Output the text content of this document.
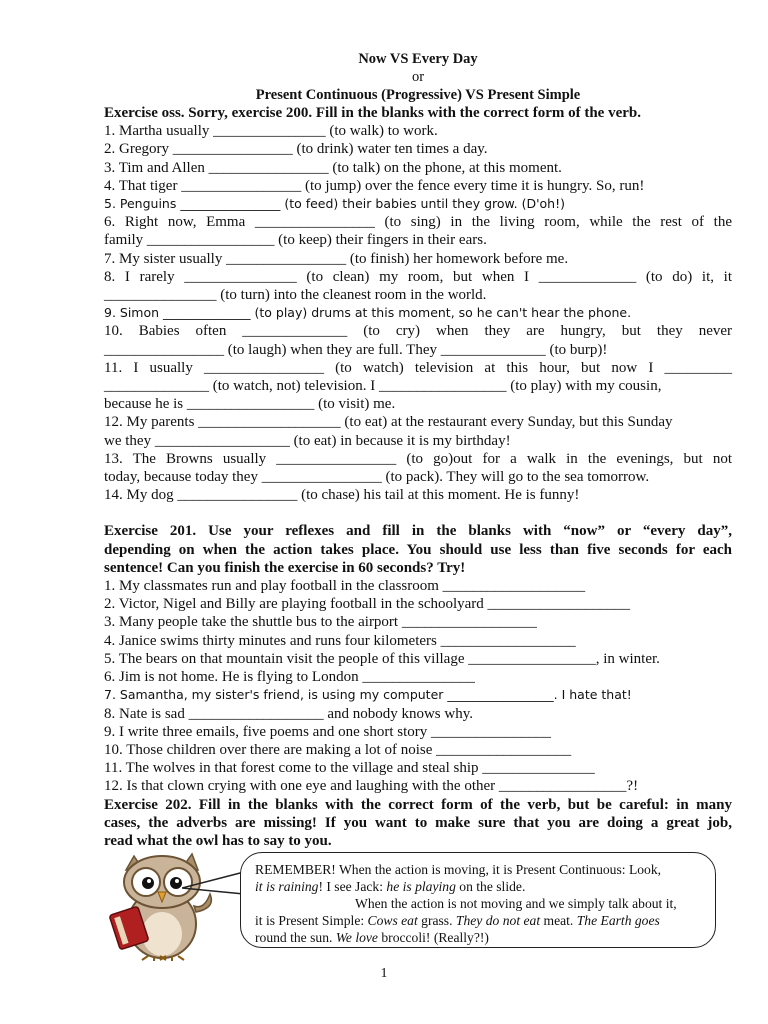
Now VS Every Day
or
Present Continuous (Progressive) VS Present Simple
Exercise oss. Sorry, exercise 200. Fill in the blanks with the correct form of the verb.
1. Martha usually _______________ (to walk) to work.
2. Gregory ________________ (to drink) water ten times a day.
3. Tim and Allen ________________ (to talk) on the phone, at this moment.
4. That tiger ________________ (to jump) over the fence every time it is hungry. So, run!
5. Penguins ________________ (to feed) their babies until they grow. (D'oh!)
6. Right now, Emma ________________ (to sing) in the living room, while the rest of the
family _________________ (to keep) their fingers in their ears.
7. My sister usually ________________ (to finish) her homework before me.
8. I rarely _______________ (to clean) my room, but when I _____________ (to do) it, it
_______________ (to turn) into the cleanest room in the world.
9. Simon ______________ (to play) drums at this moment, so he can't hear the phone.
10. Babies often ______________ (to cry) when they are hungry, but they never
________________ (to laugh) when they are full. They ______________ (to burp)!
11. I usually ________________ (to watch) television at this hour, but now I _________
______________ (to watch, not) television. I _________________ (to play) with my cousin,
because he is _________________ (to visit) me.
12. My parents ___________________ (to eat) at the restaurant every Sunday, but this Sunday
we they __________________ (to eat) in because it is my birthday!
13. The Browns usually ________________ (to go)out for a walk in the evenings, but not
today, because today they ________________ (to pack). They will go to the sea tomorrow.
14. My dog ________________ (to chase) his tail at this moment. He is funny!
Exercise 201. Use your reflexes and fill in the blanks with “now” or “every day”,
depending on when the action takes place. You should use less than five seconds for each
sentence! Can you finish the exercise in 60 seconds? Try!
1. My classmates run and play football in the classroom ___________________
2. Victor, Nigel and Billy are playing football in the schoolyard ___________________
3. Many people take the shuttle bus to the airport __________________
4. Janice swims thirty minutes and runs four kilometers __________________
5. The bears on that mountain visit the people of this village _________________, in winter.
6. Jim is not home. He is flying to London _______________
7. Samantha, my sister's friend, is using my computer _________________. I hate that!
8. Nate is sad __________________ and nobody knows why.
9. I write three emails, five poems and one short story ________________
10. Those children over there are making a lot of noise __________________
11. The wolves in that forest come to the village and steal ship _______________
12. Is that clown crying with one eye and laughing with the other _________________?!
Exercise 202. Fill in the blanks with the correct form of the verb, but be careful: in many
cases, the adverbs are missing! If you want to make sure that you are doing a great job,
read what the owl has to say to you.

REMEMBER! When the action is moving, it is Present Continuous: Look,

it is raining! I see Jack: he is playing on the slide.

When the action is not moving and we simply talk about it,

it is Present Simple: Cows eat grass. They do not eat meat. The Earth goes

round the sun. We love broccoli! (Really?!)

1
